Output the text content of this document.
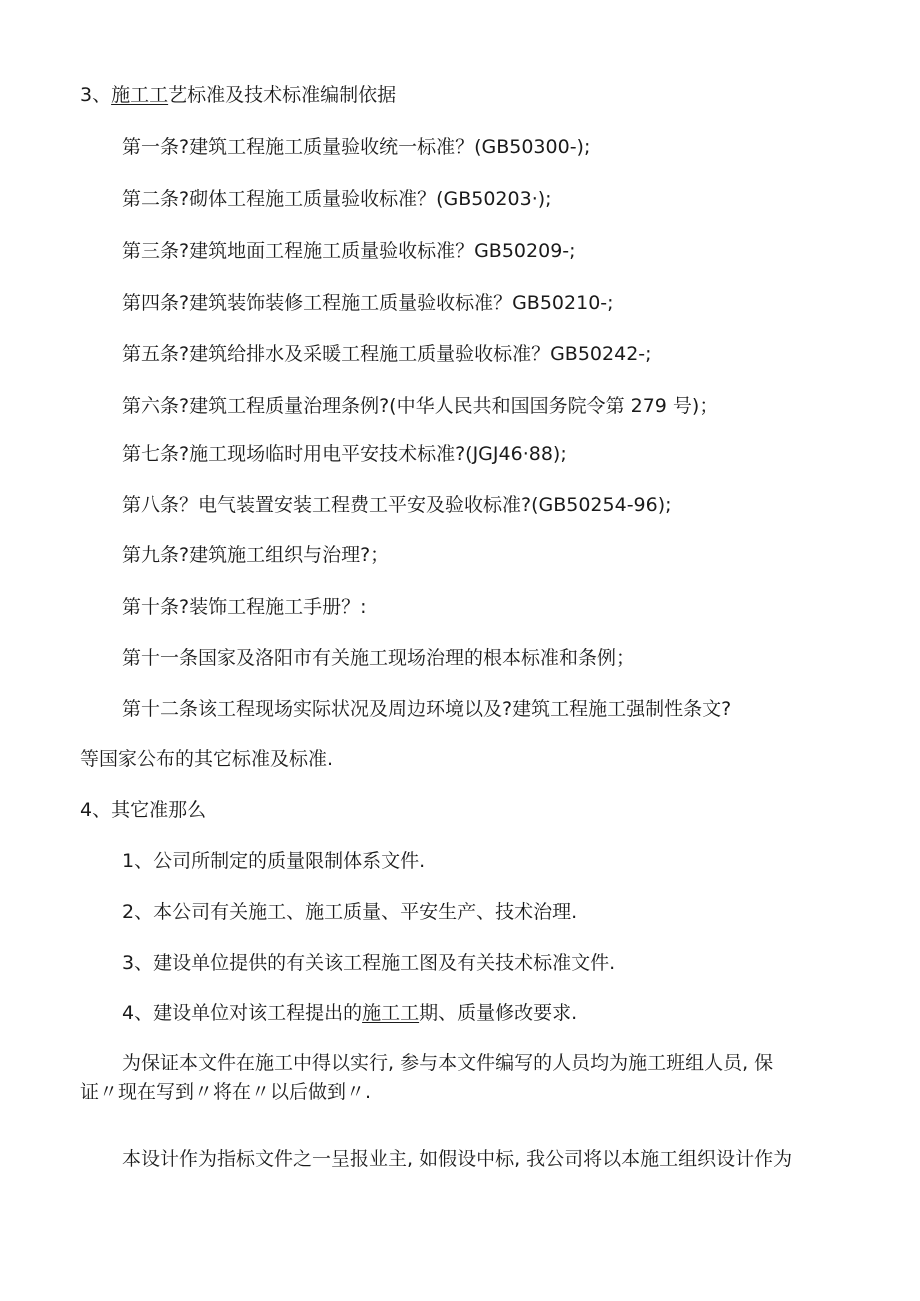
3、施工工艺标准及技术标准编制依据
第一条?建筑工程施工质量验收统一标准？(GB50300-);
第二条?砌体工程施工质量验收标准？(GB50203·);
第三条?建筑地面工程施工质量验收标准？GB50209-;
第四条?建筑装饰装修工程施工质量验收标准？GB50210-;
第五条?建筑给排水及采暖工程施工质量验收标准？GB50242-;
第六条?建筑工程质量治理条例?(中华人民共和国国务院令第 279 号)；
第七条?施工现场临时用电平安技术标准?(JGJ46·88);
第八条？电气装置安装工程费工平安及验收标准?(GB50254-96);
第九条?建筑施工组织与治理?；
第十条?装饰工程施工手册？:
第十一条国家及洛阳市有关施工现场治理的根本标准和条例；
第十二条该工程现场实际状况及周边环境以及?建筑工程施工强制性条文?
等国家公布的其它标准及标准.
4、其它准那么
1、公司所制定的质量限制体系文件.
2、本公司有关施工、施工质量、平安生产、技术治理.
3、建设单位提供的有关该工程施工图及有关技术标准文件.
4、建设单位对该工程提出的施工工期、质量修改要求.
为保证本文件在施工中得以实行, 参与本文件编写的人员均为施工班组人员, 保
证〃现在写到〃将在〃以后做到〃.
本设计作为指标文件之一呈报业主, 如假设中标, 我公司将以本施工组织设计作为
